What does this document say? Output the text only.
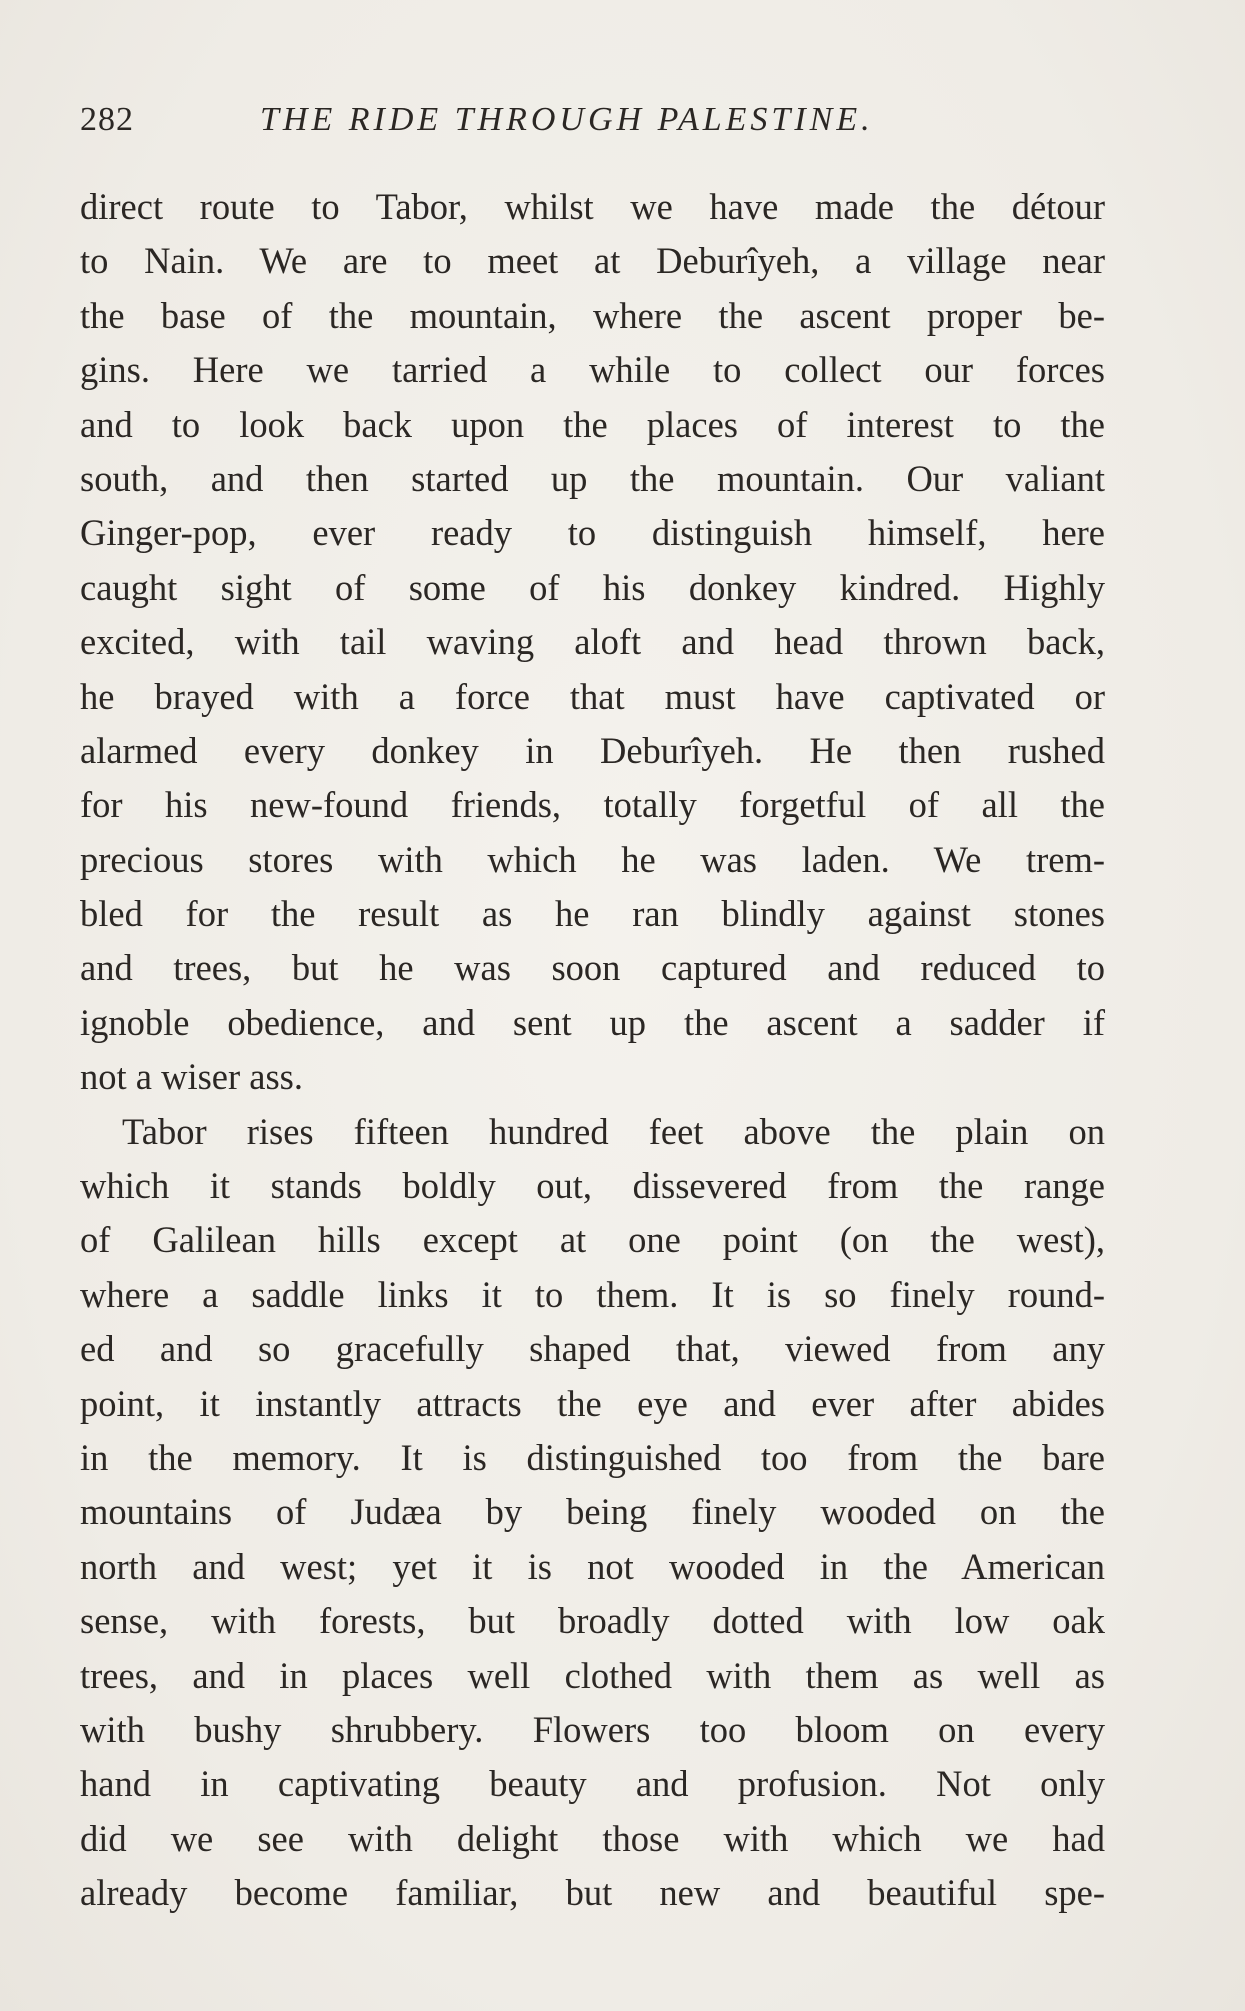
282	THE RIDE THROUGH PALESTINE.
direct route to Tabor, whilst we have made the détour
to Nain. We are to meet at Deburîyeh, a village near
the base of the mountain, where the ascent proper be-
gins. Here we tarried a while to collect our forces
and to look back upon the places of interest to the
south, and then started up the mountain. Our valiant
Ginger-pop, ever ready to distinguish himself, here
caught sight of some of his donkey kindred. Highly
excited, with tail waving aloft and head thrown back,
he brayed with a force that must have captivated or
alarmed every donkey in Deburîyeh. He then rushed
for his new-found friends, totally forgetful of all the
precious stores with which he was laden. We trem-
bled for the result as he ran blindly against stones
and trees, but he was soon captured and reduced to
ignoble obedience, and sent up the ascent a sadder if
not a wiser ass.
Tabor rises fifteen hundred feet above the plain on
which it stands boldly out, dissevered from the range
of Galilean hills except at one point (on the west),
where a saddle links it to them. It is so finely round-
ed and so gracefully shaped that, viewed from any
point, it instantly attracts the eye and ever after abides
in the memory. It is distinguished too from the bare
mountains of Judæa by being finely wooded on the
north and west; yet it is not wooded in the American
sense, with forests, but broadly dotted with low oak
trees, and in places well clothed with them as well as
with bushy shrubbery. Flowers too bloom on every
hand in captivating beauty and profusion. Not only
did we see with delight those with which we had
already become familiar, but new and beautiful spe-
